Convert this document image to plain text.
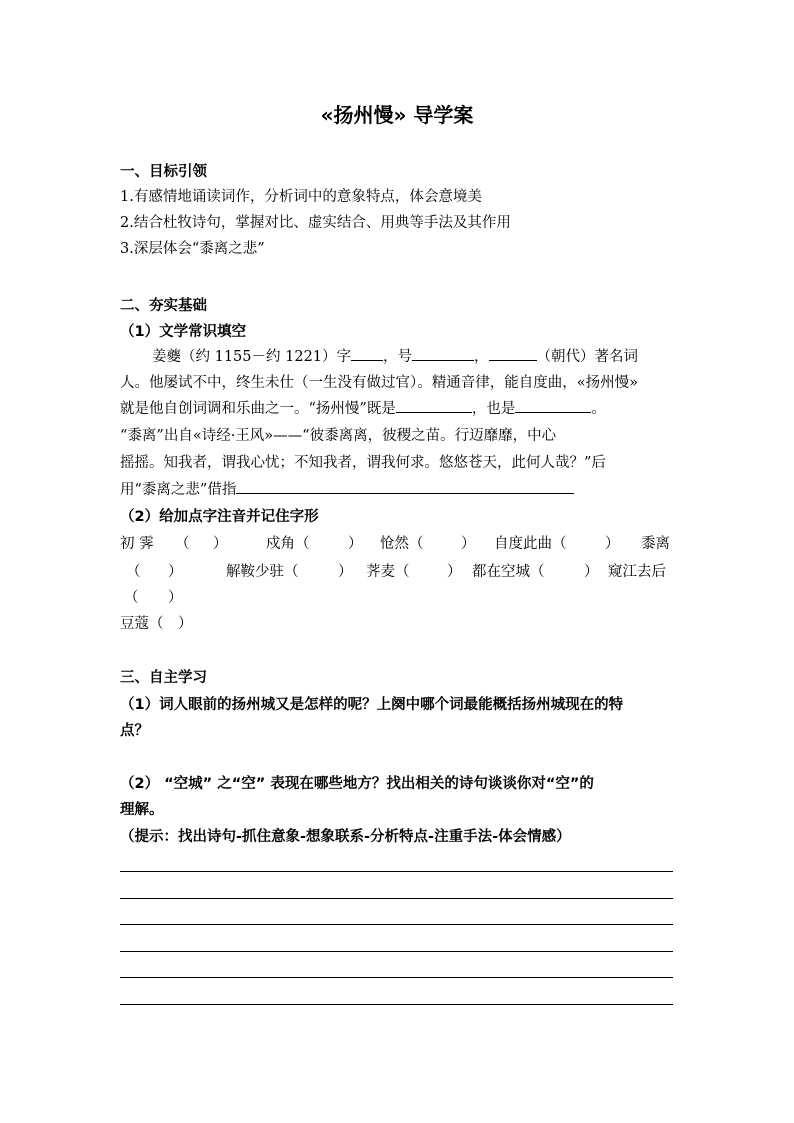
«扬州慢» 导学案
一、目标引领
1.有感情地诵读词作，分析词中的意象特点，体会意境美
2.结合杜牧诗句，掌握对比、虚实结合、用典等手法及其作用
3.深层体会“黍离之悲”
二、夯实基础
（1）文学常识填空
姜夔（约 1155－约 1221）字 ，号	，	（朝代）著名词
人。他屡试不中，终生未仕（一生没有做过官）。精通音律，能自度曲，«扬州慢»
就是他自创词调和乐曲之一。“扬州慢”既是	，也是	。
“黍离”出自«诗经·王风»——“彼黍离离，彼稷之苗。行迈靡靡，中心
摇摇。知我者，谓我心忧；不知我者，谓我何求。悠悠苍天，此何人哉？”后
用“黍离之悲”借指
（2）给加点字注音并记住字形
初 霁 （ ）	戍角（	） 怆然（	） 自度此曲（	） 黍离
（ ）	解鞍少驻（	） 荠麦（	） 都在空城（	） 窥江去后
（ ）
豆蔻（　）
三、自主学习
（1）词人眼前的扬州城又是怎样的呢？上阕中哪个词最能概括扬州城现在的特
点？
（2） “空城” 之“空” 表现在哪些地方？找出相关的诗句谈谈你对“空”的
理解。
（提示：找出诗句-抓住意象-想象联系-分析特点-注重手法-体会情感）
